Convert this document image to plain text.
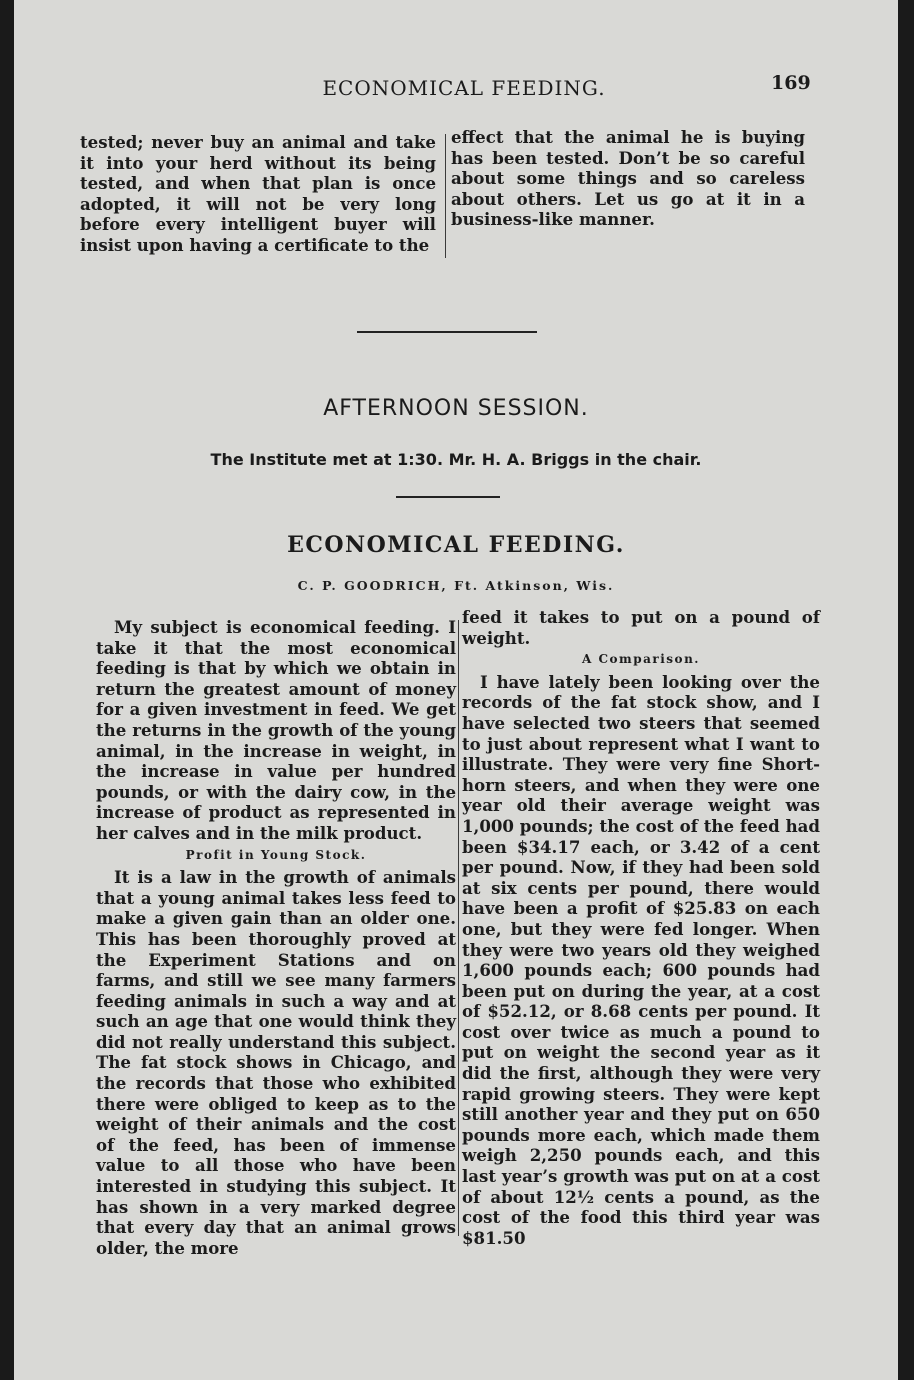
ECONOMICAL FEEDING.	169

tested; never buy an animal and take it into your herd without its being tested, and when that plan is once adopted, it will not be very long before every intelligent buyer will insist upon having a certificate to the

effect that the animal he is buying has been tested. Don’t be so careful about some things and so careless about others. Let us go at it in a business-like manner.

AFTERNOON SESSION.
The Institute met at 1:30. Mr. H. A. Briggs in the chair.
ECONOMICAL FEEDING.
C. P. GOODRICH, Ft. Atkinson, Wis.

My subject is economical feeding. I take it that the most economical feeding is that by which we obtain in return the greatest amount of money for a given investment in feed. We get the returns in the growth of the young animal, in the increase in weight, in the increase in value per hundred pounds, or with the dairy cow, in the increase of product as represented in her calves and in the milk product.

Profit in Young Stock.

It is a law in the growth of animals that a young animal takes less feed to make a given gain than an older one. This has been thoroughly proved at the Experiment Stations and on farms, and still we see many farmers feeding animals in such a way and at such an age that one would think they did not really understand this subject. The fat stock shows in Chicago, and the records that those who exhibited there were obliged to keep as to the weight of their animals and the cost of the feed, has been of immense value to all those who have been interested in studying this subject. It has shown in a very marked degree that every day that an animal grows older, the more

feed it takes to put on a pound of weight.

A Comparison.

I have lately been looking over the records of the fat stock show, and I have selected two steers that seemed to just about represent what I want to illustrate. They were very fine Short-horn steers, and when they were one year old their average weight was 1,000 pounds; the cost of the feed had been $34.17 each, or 3.42 of a cent per pound. Now, if they had been sold at six cents per pound, there would have been a profit of $25.83 on each one, but they were fed longer. When they were two years old they weighed 1,600 pounds each; 600 pounds had been put on during the year, at a cost of $52.12, or 8.68 cents per pound. It cost over twice as much a pound to put on weight the second year as it did the first, although they were very rapid growing steers. They were kept still another year and they put on 650 pounds more each, which made them weigh 2,250 pounds each, and this last year’s growth was put on at a cost of about 12½ cents a pound, as the cost of the food this third year was $81.50
